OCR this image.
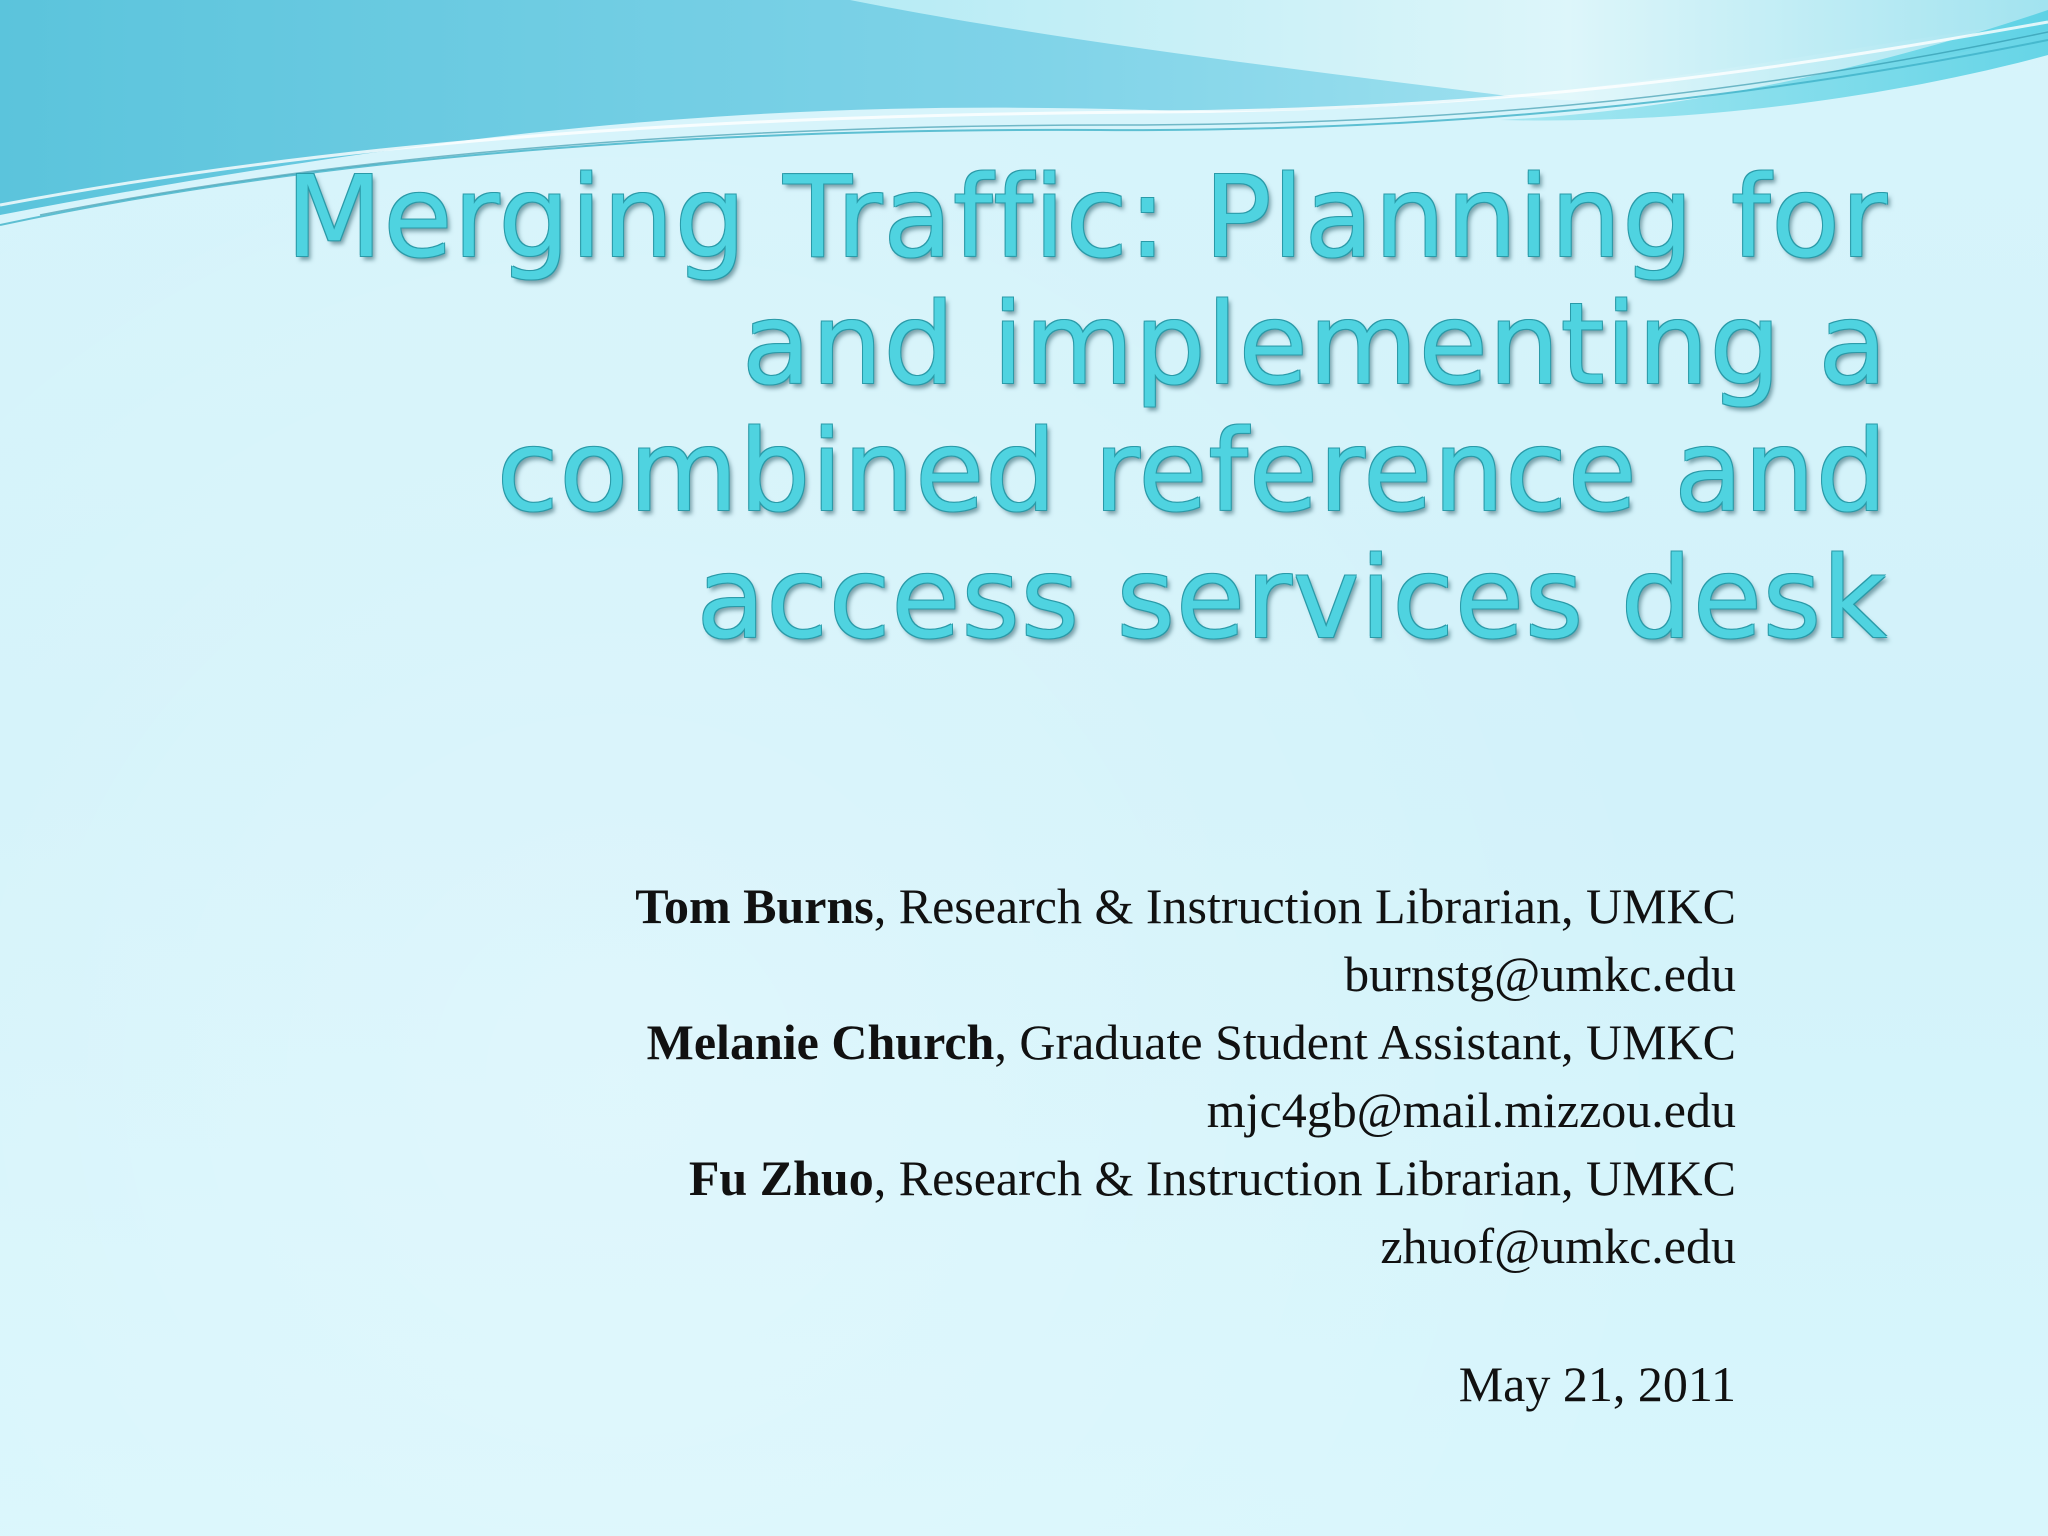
Merging Traffic: Planning for
and implementing a
combined reference and
access services desk
Tom Burns, Research & Instruction Librarian, UMKC
burnstg@umkc.edu
Melanie Church, Graduate Student Assistant, UMKC
mjc4gb@mail.mizzou.edu
Fu Zhuo, Research & Instruction Librarian, UMKC
zhuof@umkc.edu
May 21, 2011
